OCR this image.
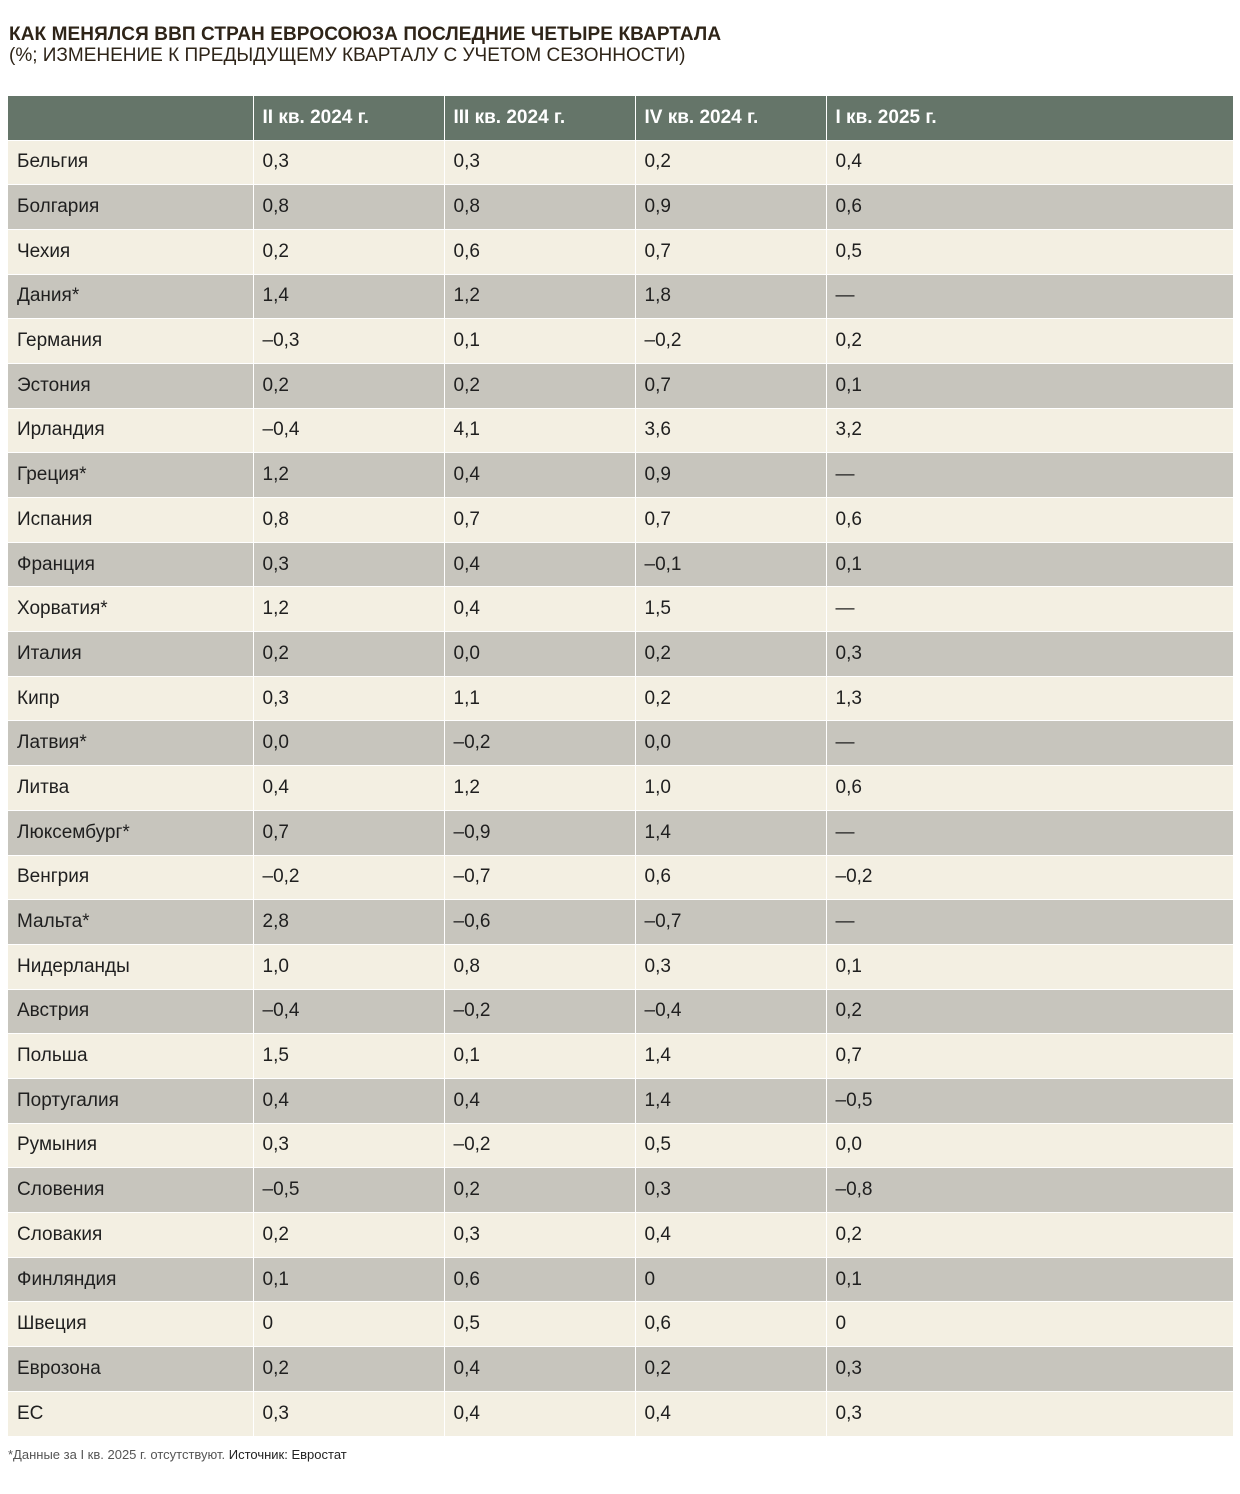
КАК МЕНЯЛСЯ ВВП СТРАН ЕВРОСОЮЗА ПОСЛЕДНИЕ ЧЕТЫРЕ КВАРТАЛА
(%; ИЗМЕНЕНИЕ К ПРЕДЫДУЩЕМУ КВАРТАЛУ С УЧЕТОМ СЕЗОННОСТИ)
	II кв. 2024 г.	III кв. 2024 г.	IV кв. 2024 г.	I кв. 2025 г.
Бельгия	0,3	0,3	0,2	0,4
Болгария	0,8	0,8	0,9	0,6
Чехия	0,2	0,6	0,7	0,5
Дания*	1,4	1,2	1,8	—
Германия	–0,3	0,1	–0,2	0,2
Эстония	0,2	0,2	0,7	0,1
Ирландия	–0,4	4,1	3,6	3,2
Греция*	1,2	0,4	0,9	—
Испания	0,8	0,7	0,7	0,6
Франция	0,3	0,4	–0,1	0,1
Хорватия*	1,2	0,4	1,5	—
Италия	0,2	0,0	0,2	0,3
Кипр	0,3	1,1	0,2	1,3
Латвия*	0,0	–0,2	0,0	—
Литва	0,4	1,2	1,0	0,6
Люксембург*	0,7	–0,9	1,4	—
Венгрия	–0,2	–0,7	0,6	–0,2
Мальта*	2,8	–0,6	–0,7	—
Нидерланды	1,0	0,8	0,3	0,1
Австрия	–0,4	–0,2	–0,4	0,2
Польша	1,5	0,1	1,4	0,7
Португалия	0,4	0,4	1,4	–0,5
Румыния	0,3	–0,2	0,5	0,0
Словения	–0,5	0,2	0,3	–0,8
Словакия	0,2	0,3	0,4	0,2
Финляндия	0,1	0,6	0	0,1
Швеция	0	0,5	0,6	0
Еврозона	0,2	0,4	0,2	0,3
ЕС	0,3	0,4	0,4	0,3
*Данные за I кв. 2025 г. отсутствуют. Источник: Евростат
